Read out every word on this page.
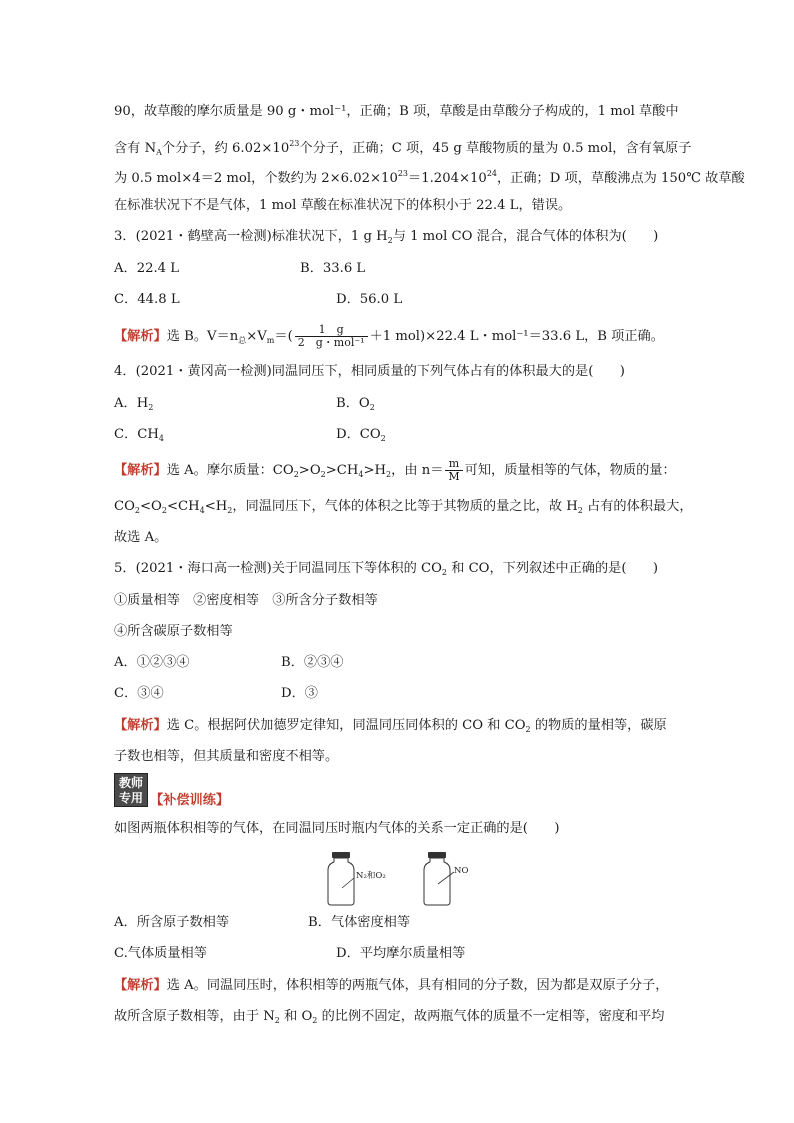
90，故草酸的摩尔质量是 90 g・mol⁻¹，正确；B 项，草酸是由草酸分子构成的，1 mol 草酸中
含有 $N_A$个分子，约 $6.02\times 10^{23}$个分子，正确；C 项，45 g 草酸物质的量为 0.5 mol，含有氧原子
为 0.5 mol×4＝2 mol，个数约为 $2\times 6.02\times 10^{23}=1.204\times 10^{24}$，正确；D 项，草酸沸点为 150℃ 故草酸
在标准状况下不是气体，1 mol 草酸在标准状况下的体积小于 22.4 L，错误。
3．(2021・鹤壁高一检测)标准状况下，1 g $H_2$与 1 mol CO 混合，混合气体的体积为(　　)
A．22.4 L	B．33.6 L
C．44.8 L	D．56.0 L
【解析】选 B。$V=n_总\times V_m=( \frac{1 g}{\text{2　g・mol⁻¹}} +1$ mol)×22.4 L・mol⁻¹＝33.6 L，B 项正确。
4．(2021・黄冈高一检测)同温同压下，相同质量的下列气体占有的体积最大的是(　　)
A．$H_2$	B．$O_2$
C．$CH_4$	D．$CO_2$
【解析】选 A。摩尔质量：$CO_2>O_2>CH_4>H_2$，由 $n= \frac{m}{M}$ 可知，质量相等的气体，物质的量：
$CO_2<O_2<CH_4<H_2$，同温同压下，气体的体积之比等于其物质的量之比，故 $H_2$ 占有的体积最大，
故选 A。
5．(2021・海口高一检测)关于同温同压下等体积的 $CO_2$ 和 CO，下列叙述中正确的是(　　)
①质量相等　②密度相等　③所含分子数相等
④所含碳原子数相等
A．①②③④	B．②③④
C．③④	D．③
【解析】选 C。根据阿伏加德罗定律知，同温同压同体积的 CO 和 $CO_2$ 的物质的量相等，碳原
子数也相等，但其质量和密度不相等。
教师
专用 【补偿训练】
如图两瓶体积相等的气体，在同温同压时瓶内气体的关系一定正确的是(　　)
N₂和O₂	NO
A．所含原子数相等	B．气体密度相等
C.气体质量相等	D．平均摩尔质量相等
【解析】选 A。同温同压时，体积相等的两瓶气体，具有相同的分子数，因为都是双原子分子，
故所含原子数相等，由于 $N_2$ 和 $O_2$ 的比例不固定，故两瓶气体的质量不一定相等，密度和平均
